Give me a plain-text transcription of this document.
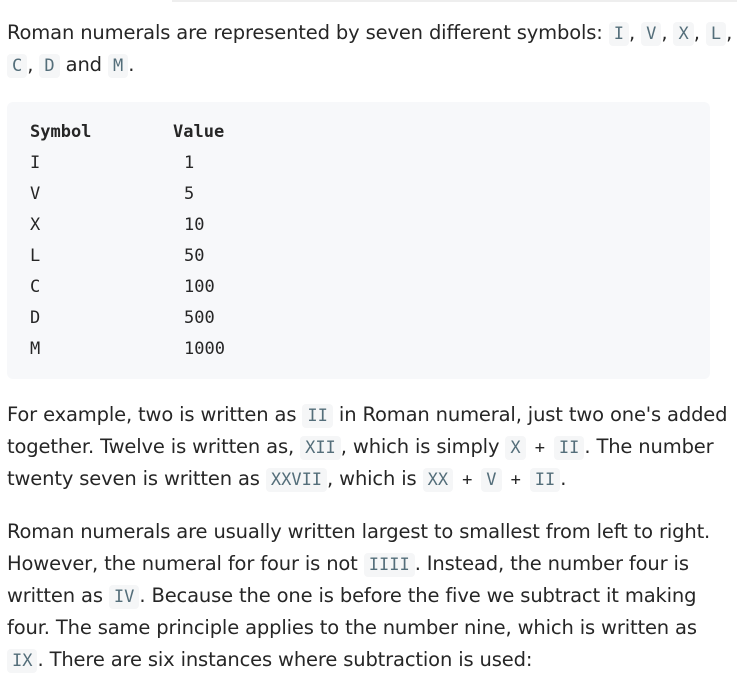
Roman numerals are represented by seven different symbols: I , V , X , L ,
C , D and M .
Symbol	Value
I	1
V	5
X	10
L	50
C	100
D	500
M	1000
For example, two is written as II in Roman numeral, just two one's added
together. Twelve is written as, XII , which is simply X + II . The number
twenty seven is written as XXVII , which is XX + V + II .
Roman numerals are usually written largest to smallest from left to right.
However, the numeral for four is not IIII . Instead, the number four is
written as IV . Because the one is before the five we subtract it making
four. The same principle applies to the number nine, which is written as
IX . There are six instances where subtraction is used:
